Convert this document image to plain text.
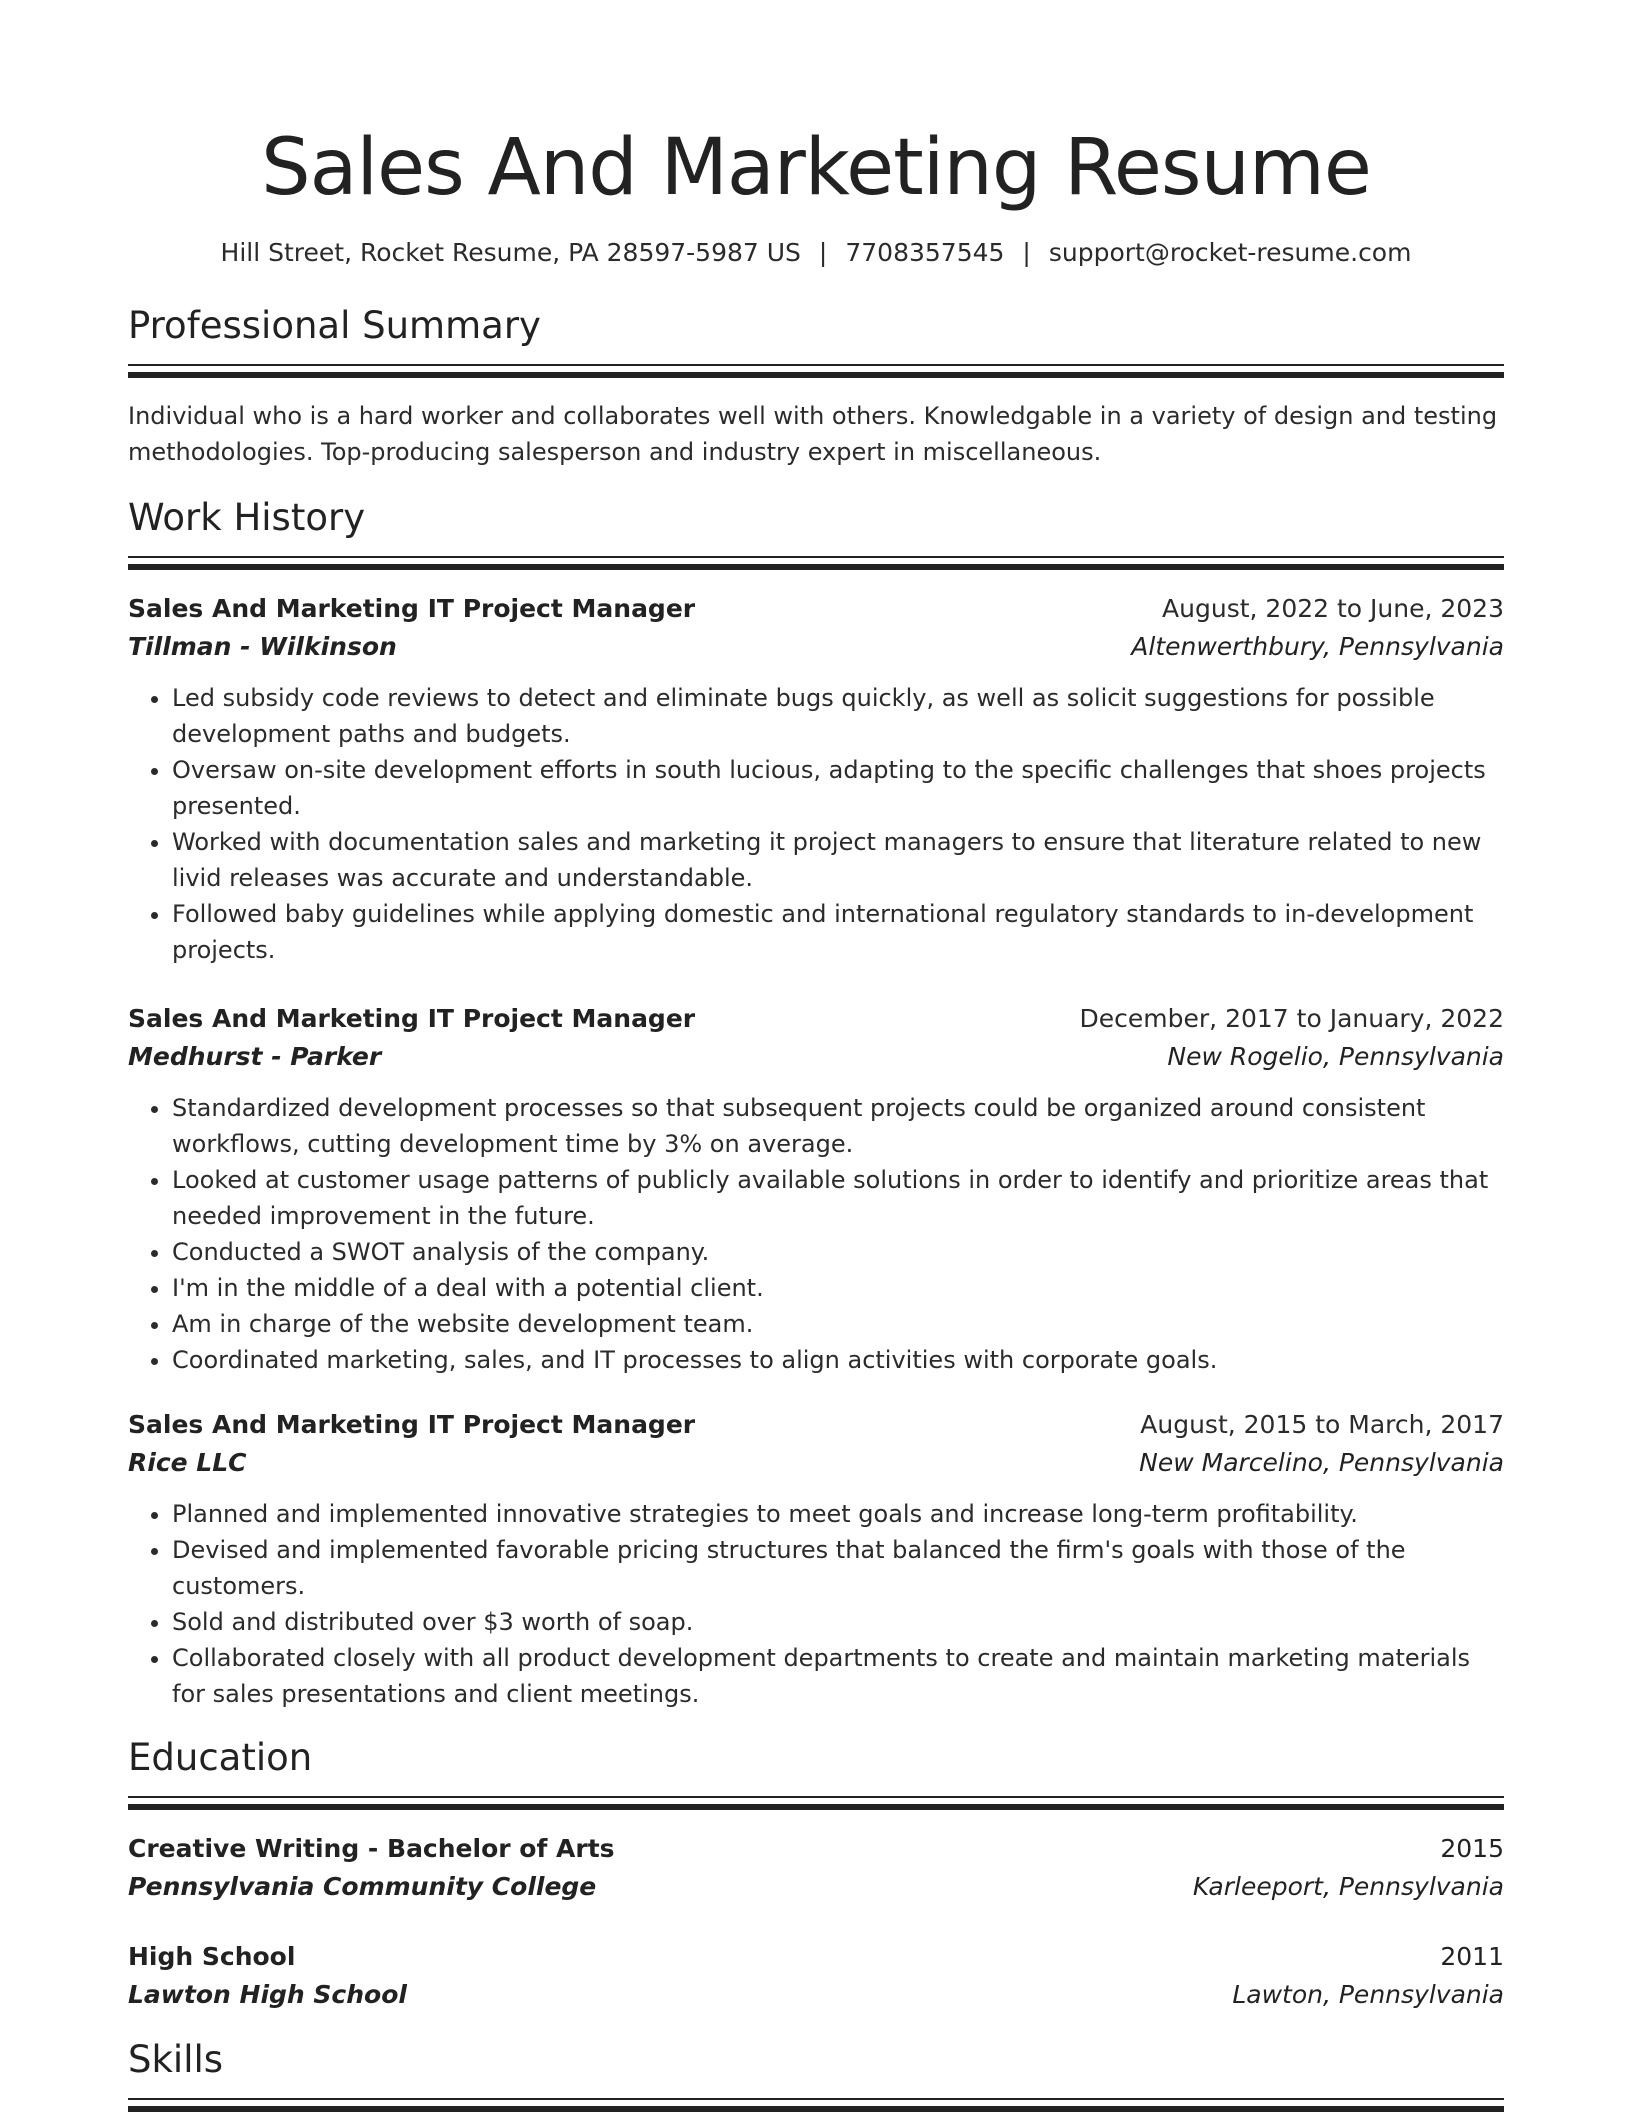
Sales And Marketing Resume
Hill Street, Rocket Resume, PA 28597-5987 US | 7708357545 | support@rocket-resume.com
Professional Summary

Individual who is a hard worker and collaborates well with others. Knowledgable in a variety of design and testing methodologies. Top-producing salesperson and industry expert in miscellaneous.

Work History
Sales And Marketing IT Project Manager	August, 2022 to June, 2023
Tillman - Wilkinson	Altenwerthbury, Pennsylvania
• Led subsidy code reviews to detect and eliminate bugs quickly, as well as solicit suggestions for possible development paths and budgets.
• Oversaw on-site development efforts in south lucious, adapting to the specific challenges that shoes projects presented.
• Worked with documentation sales and marketing it project managers to ensure that literature related to new livid releases was accurate and understandable.
• Followed baby guidelines while applying domestic and international regulatory standards to in-development projects.
Sales And Marketing IT Project Manager	December, 2017 to January, 2022
Medhurst - Parker	New Rogelio, Pennsylvania
• Standardized development processes so that subsequent projects could be organized around consistent workflows, cutting development time by 3% on average.
• Looked at customer usage patterns of publicly available solutions in order to identify and prioritize areas that needed improvement in the future.
• Conducted a SWOT analysis of the company.
• I'm in the middle of a deal with a potential client.
• Am in charge of the website development team.
• Coordinated marketing, sales, and IT processes to align activities with corporate goals.
Sales And Marketing IT Project Manager	August, 2015 to March, 2017
Rice LLC	New Marcelino, Pennsylvania
• Planned and implemented innovative strategies to meet goals and increase long-term profitability.
• Devised and implemented favorable pricing structures that balanced the firm's goals with those of the customers.
• Sold and distributed over $3 worth of soap.
• Collaborated closely with all product development departments to create and maintain marketing materials for sales presentations and client meetings.
Education
Creative Writing - Bachelor of Arts	2015
Pennsylvania Community College	Karleeport, Pennsylvania
High School	2011
Lawton High School	Lawton, Pennsylvania
Skills
